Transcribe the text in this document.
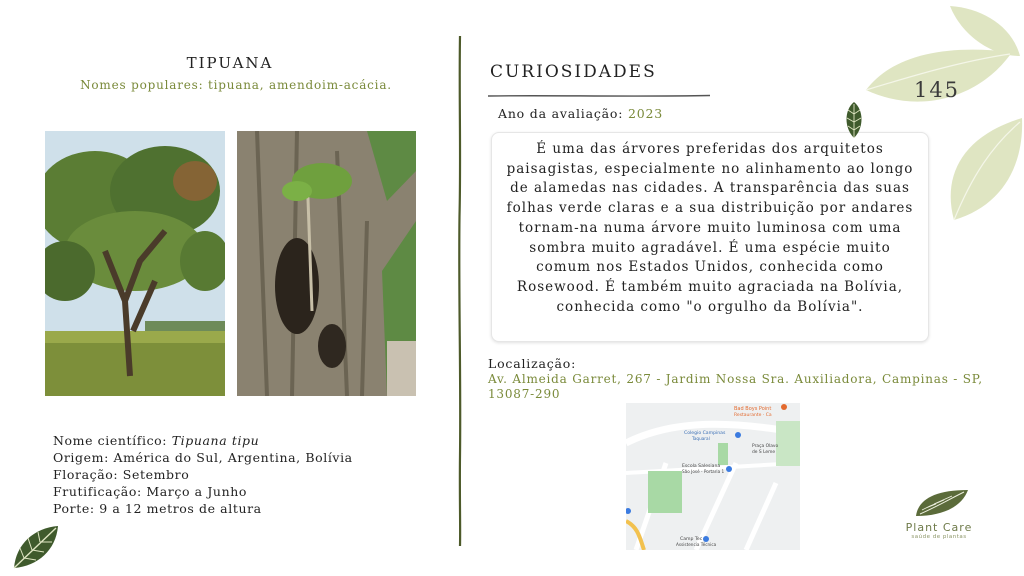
TIPUANA
Nomes populares: tipuana, amendoim-acácia.
Nome científico: Tipuana tipu
Origem: América do Sul, Argentina, Bolívia
Floração: Setembro
Frutificação: Março a Junho
Porte: 9 a 12 metros de altura
CURIOSIDADES
Ano da avaliação: 2023
É uma das árvores preferidas dos arquitetos paisagistas, especialmente no alinhamento ao longo de alamedas nas cidades. A transparência das suas folhas verde claras e a sua distribuição por andares tornam-na numa árvore muito luminosa com uma sombra muito agradável. É uma espécie muito comum nos Estados Unidos, conhecida como Rosewood. É também muito agraciada na Bolívia, conhecida como "o orgulho da Bolívia".
Localização:
Av. Almeida Garret, 267 - Jardim Nossa Sra. Auxiliadora, Campinas - SP, 13087-290
Bad Boys Point
Restaurante · Ca
Colegio Campinas
Taquaral
Praça Olavo
de S Leme
Escola Salesiana
São José - Portaria 1
Camp Tec
Assistencia Técnica
145
Plant Care
saúde de plantas
